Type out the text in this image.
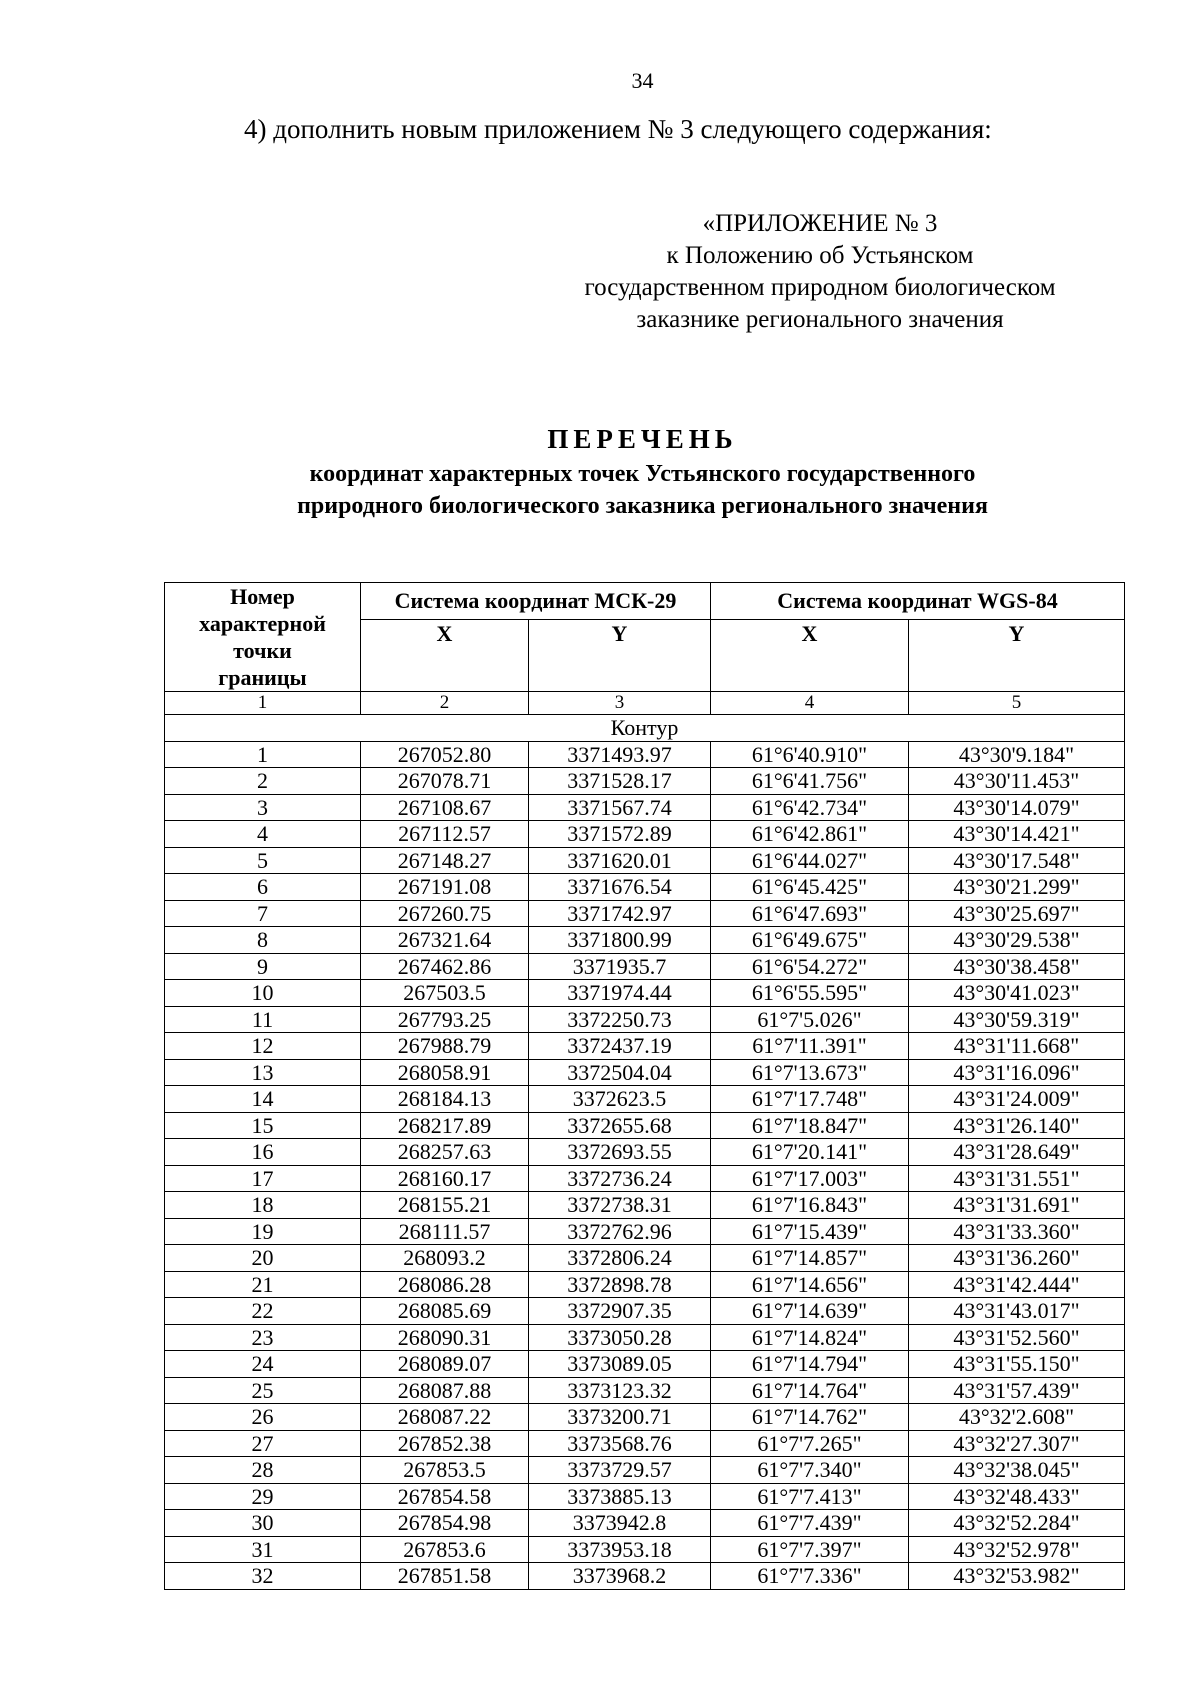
34
4) дополнить новым приложением № 3 следующего содержания:
«ПРИЛОЖЕНИЕ № 3
к Положению об Устьянском
государственном природном биологическом
заказнике регионального значения
ПЕРЕЧЕНЬ
координат характерных точек Устьянского государственного
природного биологического заказника регионального значения
Номер характерной точки границы	Система координат МСК-29		Система координат WGS-84	
	X	Y	X	Y
1	2	3	4	5
Контур				
1	267052.80	3371493.97	61°6'40.910"	43°30'9.184"
2	267078.71	3371528.17	61°6'41.756"	43°30'11.453"
3	267108.67	3371567.74	61°6'42.734"	43°30'14.079"
4	267112.57	3371572.89	61°6'42.861"	43°30'14.421"
5	267148.27	3371620.01	61°6'44.027"	43°30'17.548"
6	267191.08	3371676.54	61°6'45.425"	43°30'21.299"
7	267260.75	3371742.97	61°6'47.693"	43°30'25.697"
8	267321.64	3371800.99	61°6'49.675"	43°30'29.538"
9	267462.86	3371935.7	61°6'54.272"	43°30'38.458"
10	267503.5	3371974.44	61°6'55.595"	43°30'41.023"
11	267793.25	3372250.73	61°7'5.026"	43°30'59.319"
12	267988.79	3372437.19	61°7'11.391"	43°31'11.668"
13	268058.91	3372504.04	61°7'13.673"	43°31'16.096"
14	268184.13	3372623.5	61°7'17.748"	43°31'24.009"
15	268217.89	3372655.68	61°7'18.847"	43°31'26.140"
16	268257.63	3372693.55	61°7'20.141"	43°31'28.649"
17	268160.17	3372736.24	61°7'17.003"	43°31'31.551"
18	268155.21	3372738.31	61°7'16.843"	43°31'31.691"
19	268111.57	3372762.96	61°7'15.439"	43°31'33.360"
20	268093.2	3372806.24	61°7'14.857"	43°31'36.260"
21	268086.28	3372898.78	61°7'14.656"	43°31'42.444"
22	268085.69	3372907.35	61°7'14.639"	43°31'43.017"
23	268090.31	3373050.28	61°7'14.824"	43°31'52.560"
24	268089.07	3373089.05	61°7'14.794"	43°31'55.150"
25	268087.88	3373123.32	61°7'14.764"	43°31'57.439"
26	268087.22	3373200.71	61°7'14.762"	43°32'2.608"
27	267852.38	3373568.76	61°7'7.265"	43°32'27.307"
28	267853.5	3373729.57	61°7'7.340"	43°32'38.045"
29	267854.58	3373885.13	61°7'7.413"	43°32'48.433"
30	267854.98	3373942.8	61°7'7.439"	43°32'52.284"
31	267853.6	3373953.18	61°7'7.397"	43°32'52.978"
32	267851.58	3373968.2	61°7'7.336"	43°32'53.982"
